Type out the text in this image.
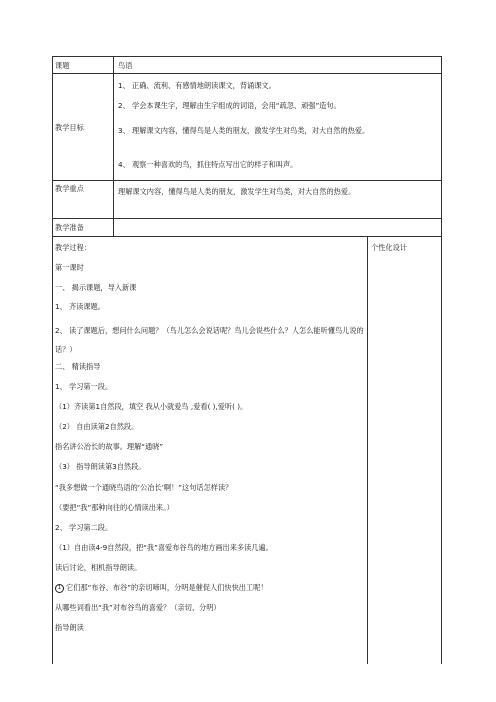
课题	鸟语
教学目标
1、 正确、流利、有感情地朗读课文，背诵课文。
2、 学会本课生字，理解由生字组成的词语，会用“疏忽、顽强”造句。
3、 理解课文内容，懂得鸟是人类的朋友，激发学生对鸟类，对大自然的热爱。
4、 观察一种喜欢的鸟，抓住特点写出它的样子和叫声。
教学重点	理解课文内容，懂得鸟是人类的朋友，激发学生对鸟类，对大自然的热爱。
教学准备
教学过程：	个性化设计
第一课时
一、 揭示课题，导入新课
1、 齐读课题。
2、 读了课题后，想问什么问题？（鸟儿怎么会说话呢？鸟儿会说些什么？人怎么能听懂鸟儿说的话？）
二、 精读指导
1、 学习第一段。
（1）齐读第1自然段，填空 我从小就爱鸟 ,爱看( ),爱听( )。
（2） 自由读第2自然段。
指名讲公冶长的故事。理解“通晓”
（3） 指导朗读第3自然段。
“我多想做一个通晓鸟语的‘公冶长’啊！”这句话怎样读？
（要把“我”那种向往的心情读出来。）
2、 学习第二段。
（1）自由读4-9自然段，把“我”喜爱布谷鸟的地方画出来多读几遍。
读后讨论，相机指导朗读。
1 它们那“布谷、布谷”的亲切啼叫，分明是催促人们快快出工呢！
从哪些词看出“我”对布谷鸟的喜爱？（亲切、分明）
指导朗读
